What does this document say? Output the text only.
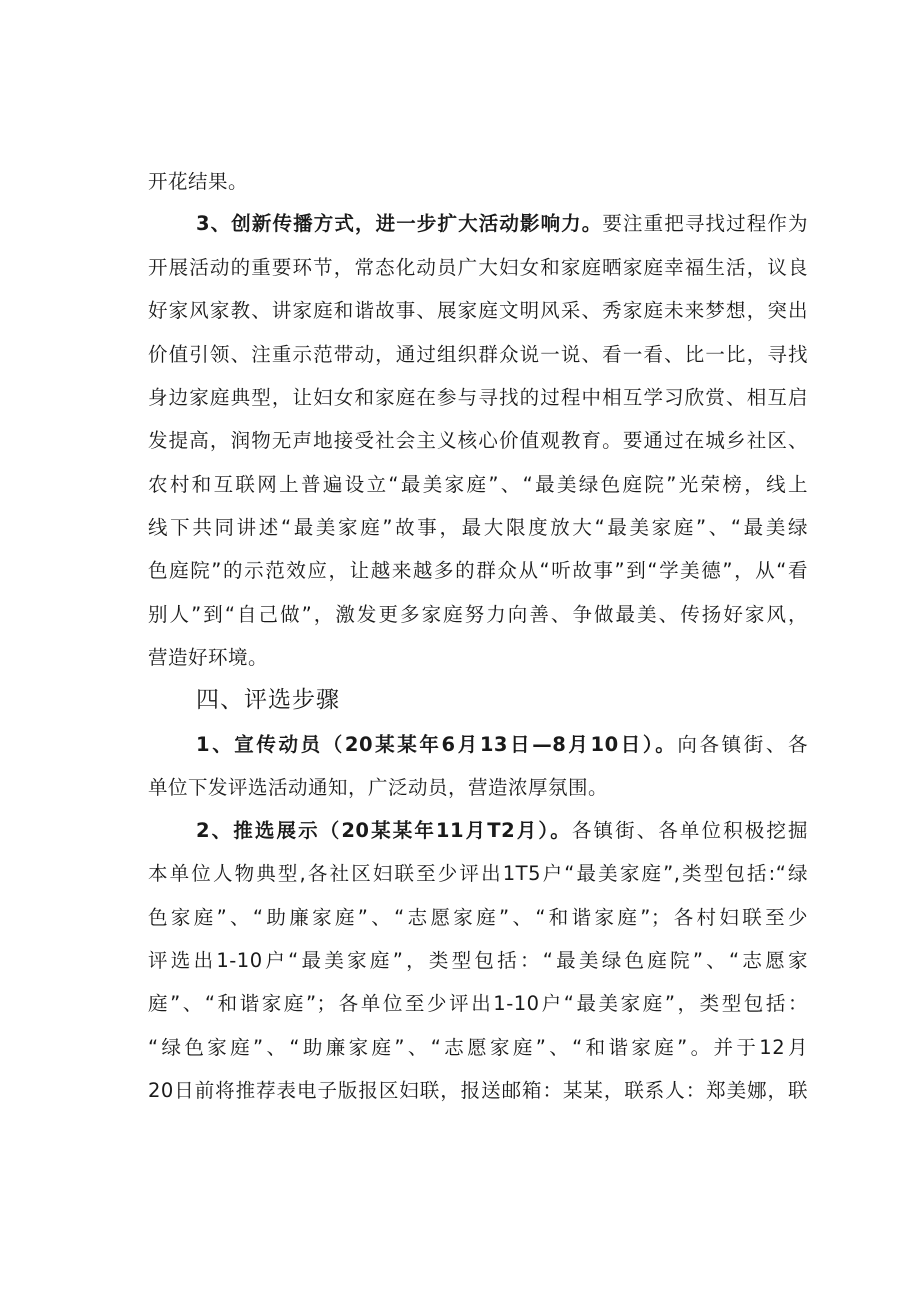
开花结果。
3、创新传播方式，进一步扩大活动影响力。要注重把寻找过程作为
开展活动的重要环节，常态化动员广大妇女和家庭晒家庭幸福生活，议良
好家风家教、讲家庭和谐故事、展家庭文明风采、秀家庭未来梦想，突出
价值引领、注重示范带动，通过组织群众说一说、看一看、比一比，寻找
身边家庭典型，让妇女和家庭在参与寻找的过程中相互学习欣赏、相互启
发提高，润物无声地接受社会主义核心价值观教育。要通过在城乡社区、
农村和互联网上普遍设立“最美家庭”、“最美绿色庭院”光荣榜，线上
线下共同讲述“最美家庭”故事，最大限度放大“最美家庭”、“最美绿
色庭院”的示范效应，让越来越多的群众从“听故事”到“学美德”，从“看
别人”到“自己做”，激发更多家庭努力向善、争做最美、传扬好家风，
营造好环境。
四、评选步骤
1、宣传动员（20某某年6月13日—8月10日）。向各镇街、各
单位下发评选活动通知，广泛动员，营造浓厚氛围。
2、推选展示（20某某年11月T2月）。各镇街、各单位积极挖掘
本单位人物典型,各社区妇联至少评出1T5户“最美家庭”,类型包括:“绿
色家庭”、“助廉家庭”、“志愿家庭”、“和谐家庭”；各村妇联至少
评选出1-10户“最美家庭”，类型包括：“最美绿色庭院”、“志愿家
庭”、“和谐家庭”；各单位至少评出1-10户“最美家庭”，类型包括：
“绿色家庭”、“助廉家庭”、“志愿家庭”、“和谐家庭”。并于12月
20日前将推荐表电子版报区妇联，报送邮箱：某某，联系人：郑美娜，联
